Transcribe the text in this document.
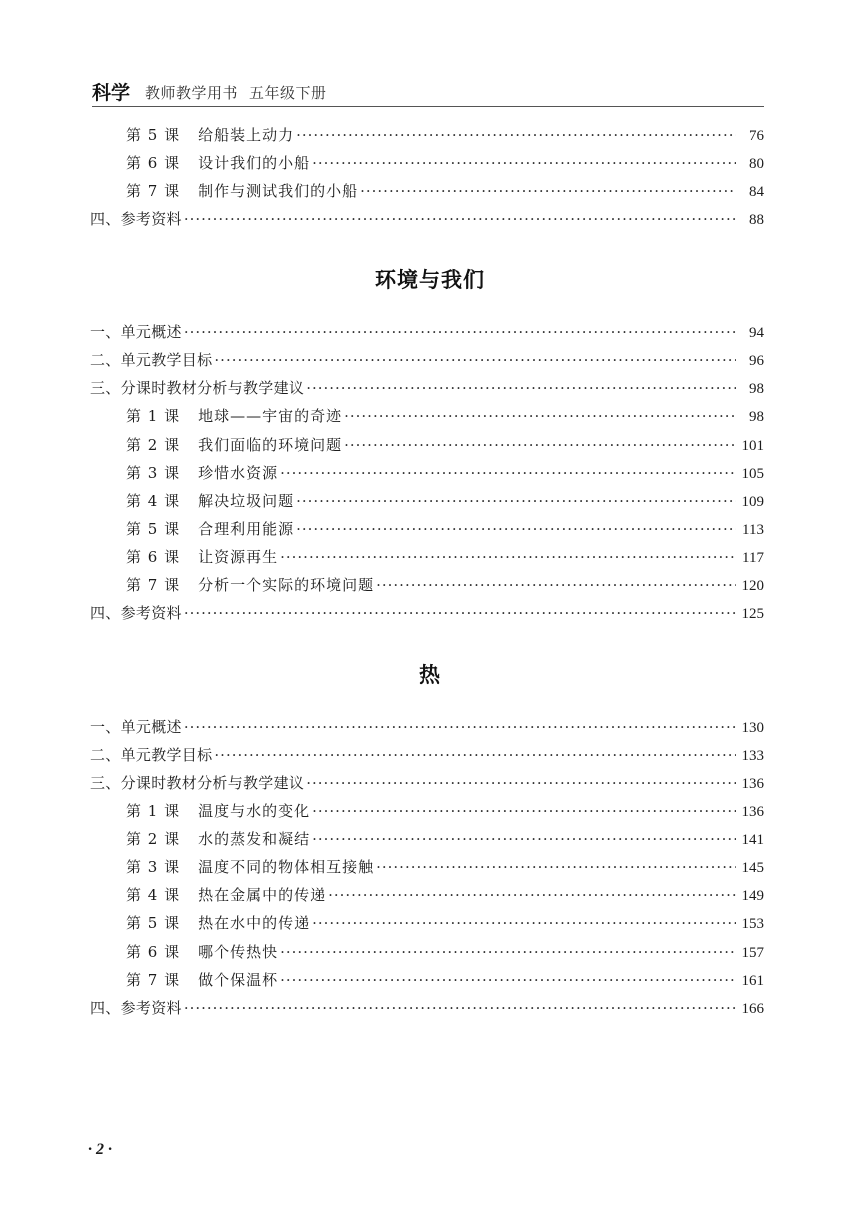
科学 教师教学用书 五年级下册
第 5 课 给船装上动力 ·····	76
第 6 课 设计我们的小船 ·····	80
第 7 课 制作与测试我们的小船 ·····	84
四、参考资料 ·····	88
环境与我们
一、单元概述 ·····	94
二、单元教学目标 ·····	96
三、分课时教材分析与教学建议 ·····	98
第 1 课 地球——宇宙的奇迹 ·····	98
第 2 课 我们面临的环境问题 ·····	101
第 3 课 珍惜水资源 ·····	105
第 4 课 解决垃圾问题 ·····	109
第 5 课 合理利用能源 ·····	113
第 6 课 让资源再生 ·····	117
第 7 课 分析一个实际的环境问题 ·····	120
四、参考资料 ·····	125
热
一、单元概述 ·····	130
二、单元教学目标 ·····	133
三、分课时教材分析与教学建议 ·····	136
第 1 课 温度与水的变化 ·····	136
第 2 课 水的蒸发和凝结 ·····	141
第 3 课 温度不同的物体相互接触 ·····	145
第 4 课 热在金属中的传递 ·····	149
第 5 课 热在水中的传递 ·····	153
第 6 课 哪个传热快 ·····	157
第 7 课 做个保温杯 ·····	161
四、参考资料 ·····	166
· 2 ·
